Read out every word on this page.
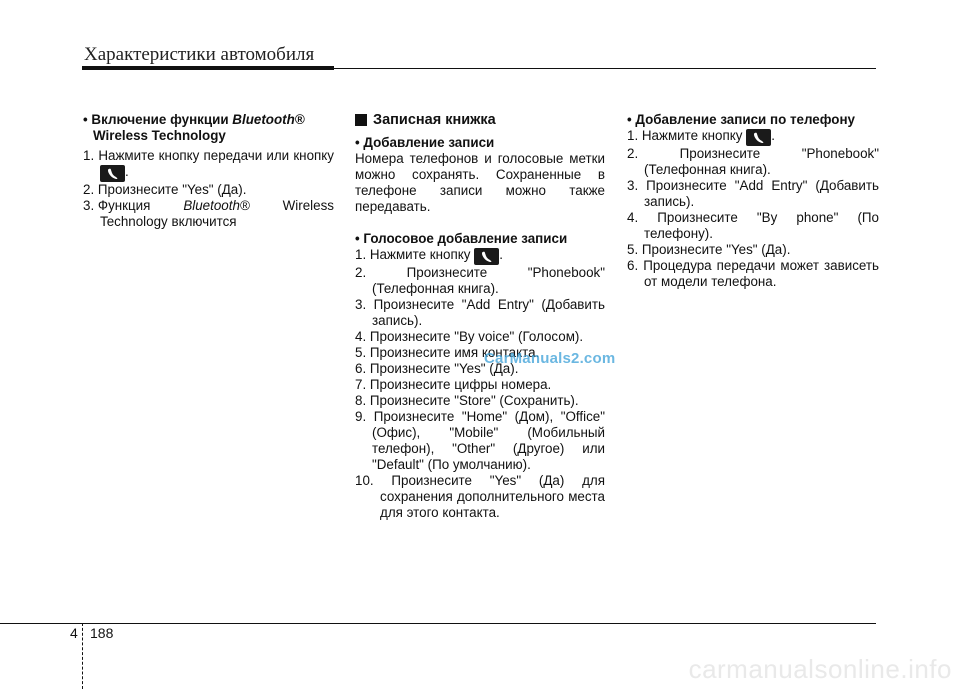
Характеристики автомобиля
• Включение функции Bluetooth®
Wireless Technology
1. Нажмите кнопку передачи или кнопку .
2. Произнесите "Yes" (Да).
3. Функция Bluetooth® Wireless
Technology включится
Записная книжка
• Добавление записи
Номера телефонов и голосовые метки можно сохранять. Сохраненные в телефоне записи можно также передавать.
• Голосовое добавление записи
1. Нажмите кнопку .
2. Произнесите "Phonebook" (Телефонная книга).
3. Произнесите "Add Entry" (Добавить запись).
4. Произнесите "By voice" (Голосом).
5. Произнесите имя контакта.
6. Произнесите "Yes" (Да).
7. Произнесите цифры номера.
8. Произнесите "Store" (Сохранить).
9. Произнесите "Home" (Дом), "Office" (Офис), "Mobile" (Мобильный телефон), "Other" (Другое) или "Default" (По умолчанию).
10. Произнесите "Yes" (Да) для сохранения дополнительного места для этого контакта.
• Добавление записи по телефону
1. Нажмите кнопку .
2. Произнесите "Phonebook" (Телефонная книга).
3. Произнесите "Add Entry" (Добавить запись).
4. Произнесите "By phone" (По телефону).
5. Произнесите "Yes" (Да).
6. Процедура передачи может зависеть от модели телефона.
CarManuals2.com
4 188
carmanualsonline.info
